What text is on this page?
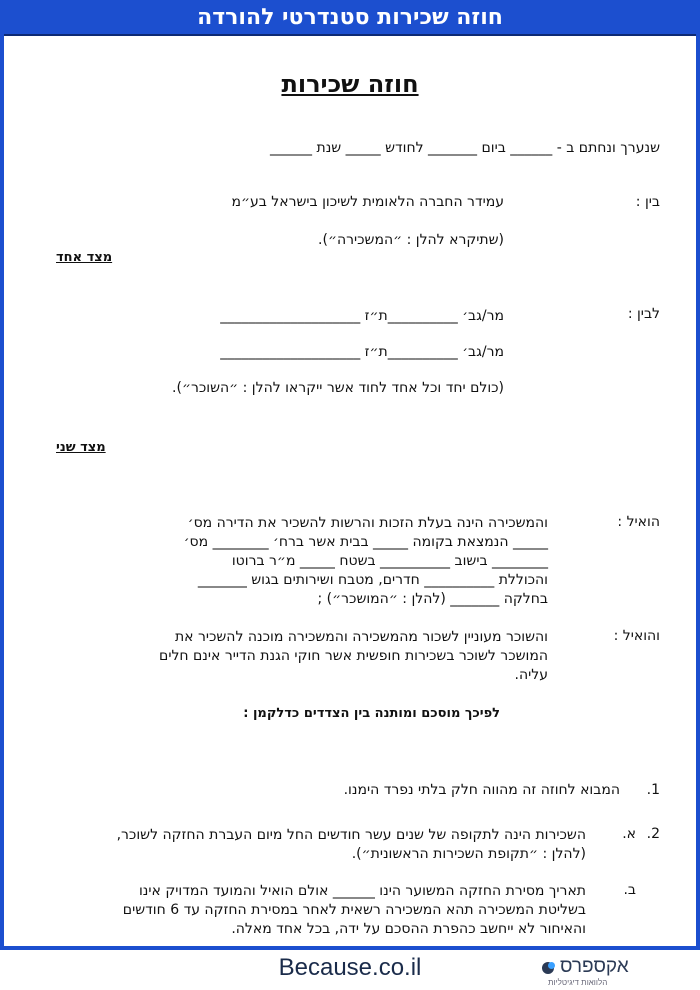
חוזה שכירות סטנדרטי להורדה
חוזה שכירות
שנערך ונחתם ב - ______ ביום _______ לחודש _____ שנת ______
בין :
עמידר החברה הלאומית לשיכון בישראל בע״מ
(שתיקרא להלן : ״המשכירה״).
מצד אחד
לבין :
מר/גב׳ __________ת״ז ____________________
מר/גב׳ __________ת״ז ____________________
(כולם יחד וכל אחד לחוד אשר ייקראו להלן : ״השוכר״).
מצד שני
הואיל :
והמשכירה הינה בעלת הזכות והרשות להשכיר את הדירה מס׳
_____ הנמצאת בקומה _____ בבית אשר ברח׳ ________ מס׳
________ בישוב __________ בשטח _____ מ״ר ברוטו
והכוללת __________ חדרים, מטבח ושירותים בגוש _______
בחלקה _______ (להלן : ״המושכר״) ;
והואיל :
והשוכר מעוניין לשכור מהמשכירה והמשכירה מוכנה להשכיר את
המושכר לשוכר בשכירות חופשית אשר חוקי הגנת הדייר אינם חלים
עליה.
לפיכך מוסכם ומותנה בין הצדדים כדלקמן :
1.
המבוא לחוזה זה מהווה חלק בלתי נפרד הימנו.
2.
א.
השכירות הינה לתקופה של שנים עשר חודשים החל מיום העברת החזקה לשוכר,
(להלן : ״תקופת השכירות הראשונית״).
ב.
תאריך מסירת החזקה המשוער הינו ______ אולם הואיל והמועד המדויק אינו
בשליטת המשכירה תהא המשכירה רשאית לאחר במסירת החזקה עד 6 חודשים
והאיחור לא ייחשב כהפרת ההסכם על ידה, בכל אחד מאלה.
Because.co.il	אקספרס
הלוואות דיגיטליות
